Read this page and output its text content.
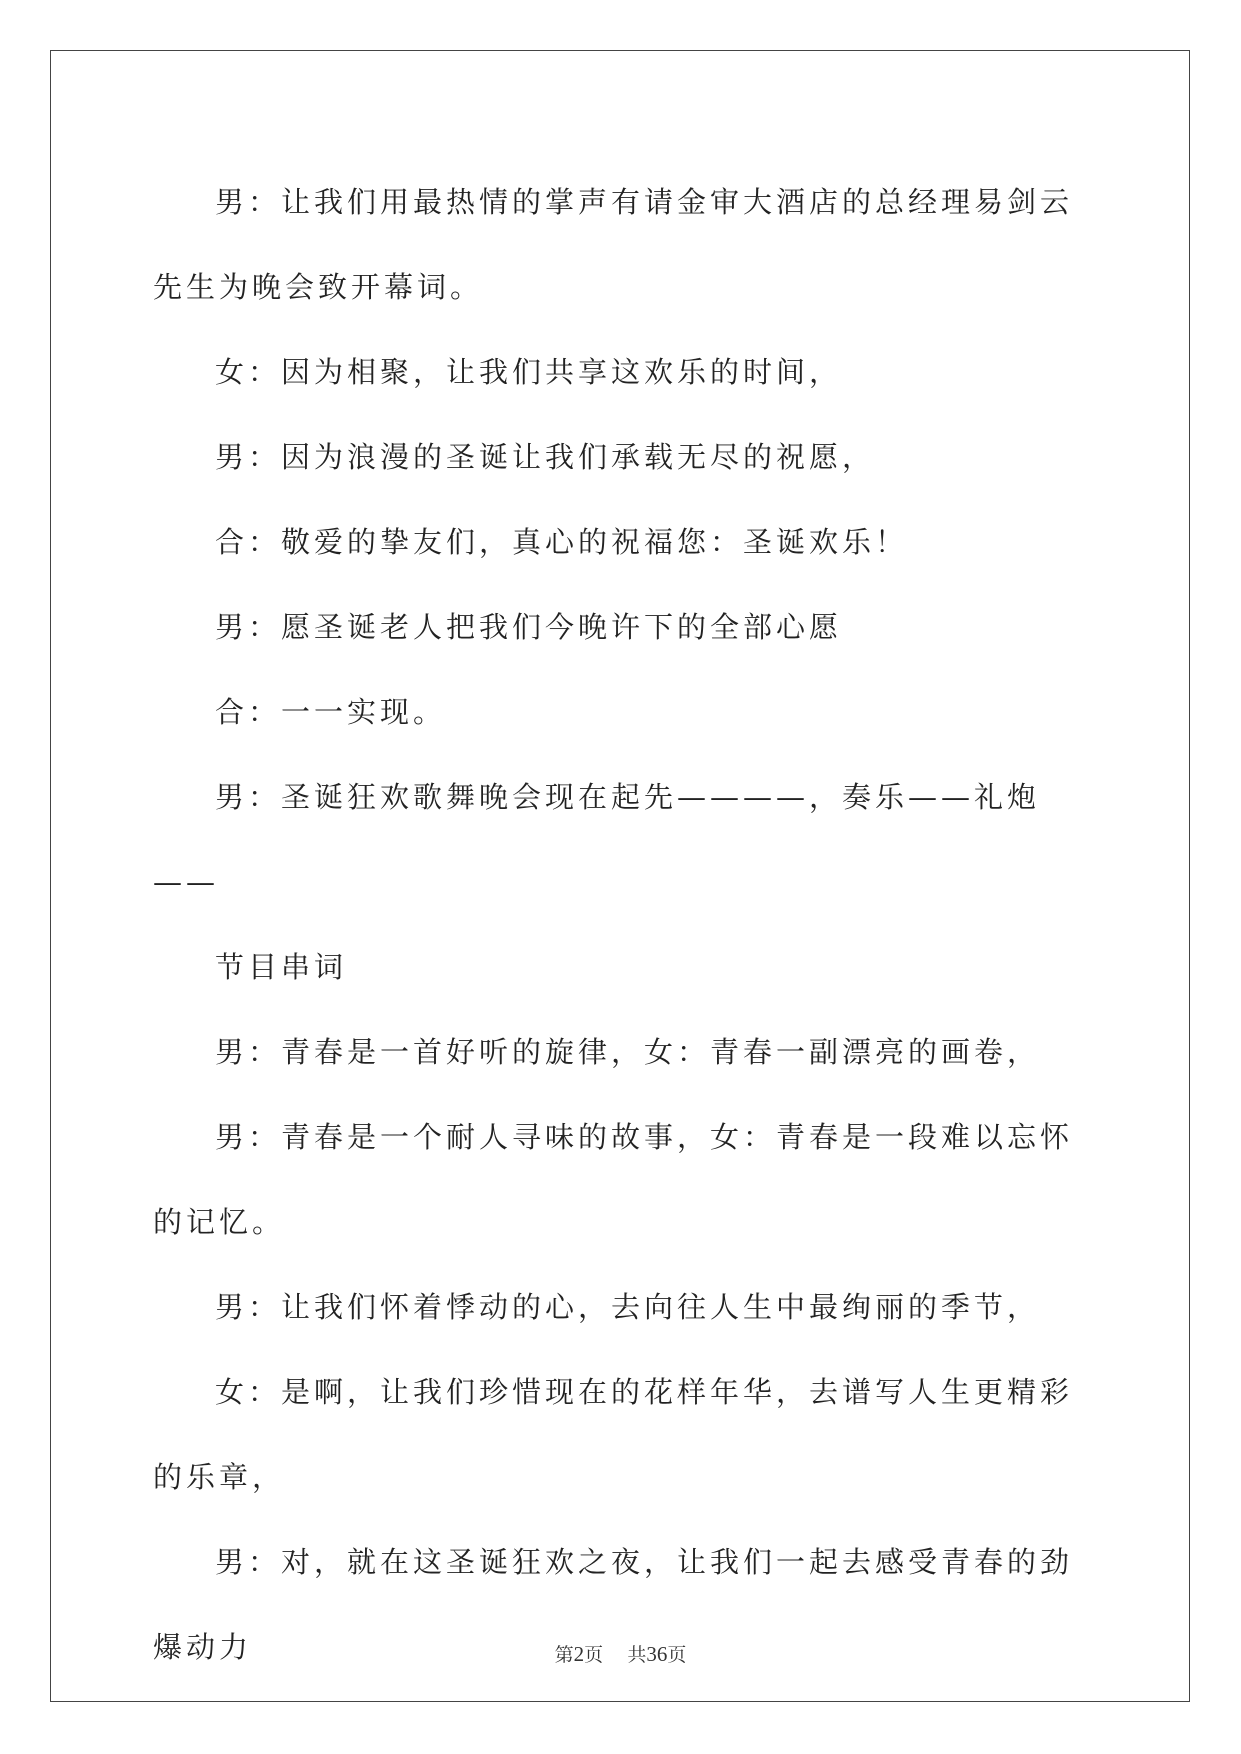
男：让我们用最热情的掌声有请金审大酒店的总经理易剑云先生为晚会致开幕词。

女：因为相聚，让我们共享这欢乐的时间，

男：因为浪漫的圣诞让我们承载无尽的祝愿，

合：敬爱的挚友们，真心的祝福您：圣诞欢乐！

男：愿圣诞老人把我们今晚许下的全部心愿

合：一一实现。

男：圣诞狂欢歌舞晚会现在起先————，奏乐——礼炮——

节目串词

男：青春是一首好听的旋律，女：青春一副漂亮的画卷，

男：青春是一个耐人寻味的故事，女：青春是一段难以忘怀的记忆。

男：让我们怀着悸动的心，去向往人生中最绚丽的季节，

女：是啊，让我们珍惜现在的花样年华，去谱写人生更精彩的乐章，

男：对，就在这圣诞狂欢之夜，让我们一起去感受青春的劲爆动力	第2页 共36页
